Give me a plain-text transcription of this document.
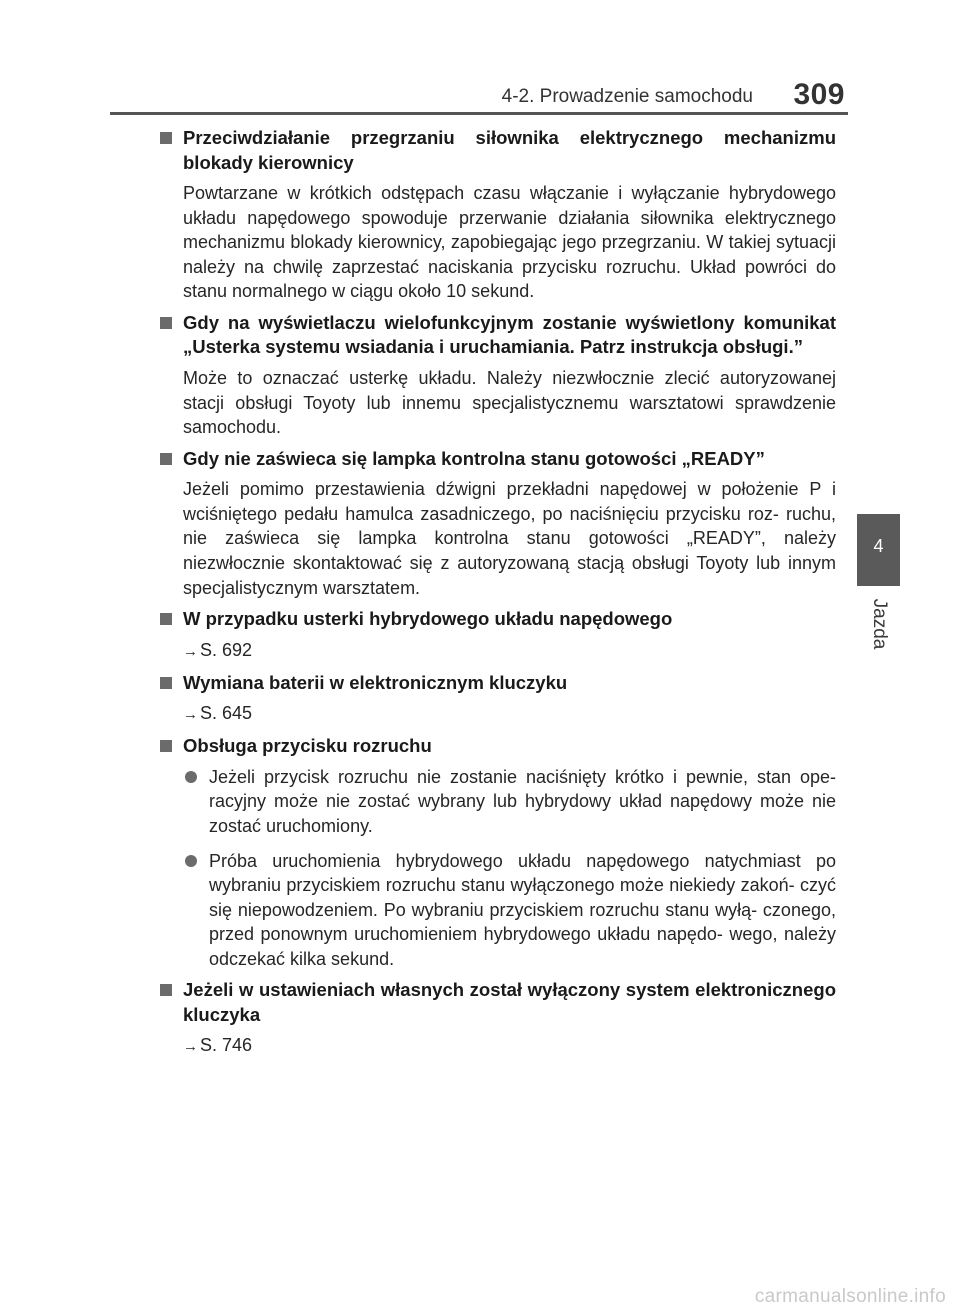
4-2. Prowadzenie samochodu 309
4
Jazda
Przeciwdziałanie przegrzaniu siłownika elektrycznego mechanizmu blokady kierownicy
Powtarzane w krótkich odstępach czasu włączanie i wyłączanie hybrydowego układu napędowego spowoduje przerwanie działania siłownika elektrycznego mechanizmu blokady kierownicy, zapobiegając jego przegrzaniu. W takiej sytuacji należy na chwilę zaprzestać naciskania przycisku rozruchu. Układ powróci do stanu normalnego w ciągu około 10 sekund.
Gdy na wyświetlaczu wielofunkcyjnym zostanie wyświetlony komunikat „Usterka systemu wsiadania i uruchamiania. Patrz instrukcja obsługi.”
Może to oznaczać usterkę układu. Należy niezwłocznie zlecić autoryzowanej stacji obsługi Toyoty lub innemu specjalistycznemu warsztatowi sprawdzenie samochodu.
Gdy nie zaświeca się lampka kontrolna stanu gotowości „READY”
Jeżeli pomimo przestawienia dźwigni przekładni napędowej w położenie P i wciśniętego pedału hamulca zasadniczego, po naciśnięciu przycisku roz- ruchu, nie zaświeca się lampka kontrolna stanu gotowości „READY”, należy niezwłocznie skontaktować się z autoryzowaną stacją obsługi Toyoty lub innym specjalistycznym warsztatem.
W przypadku usterki hybrydowego układu napędowego
→ S. 692
Wymiana baterii w elektronicznym kluczyku
→ S. 645
Obsługa przycisku rozruchu
Jeżeli przycisk rozruchu nie zostanie naciśnięty krótko i pewnie, stan ope- racyjny może nie zostać wybrany lub hybrydowy układ napędowy może nie zostać uruchomiony.
Próba uruchomienia hybrydowego układu napędowego natychmiast po wybraniu przyciskiem rozruchu stanu wyłączonego może niekiedy zakoń- czyć się niepowodzeniem. Po wybraniu przyciskiem rozruchu stanu wyłą- czonego, przed ponownym uruchomieniem hybrydowego układu napędo- wego, należy odczekać kilka sekund.
Jeżeli w ustawieniach własnych został wyłączony system elektronicznego kluczyka
→ S. 746
carmanualsonline.info
